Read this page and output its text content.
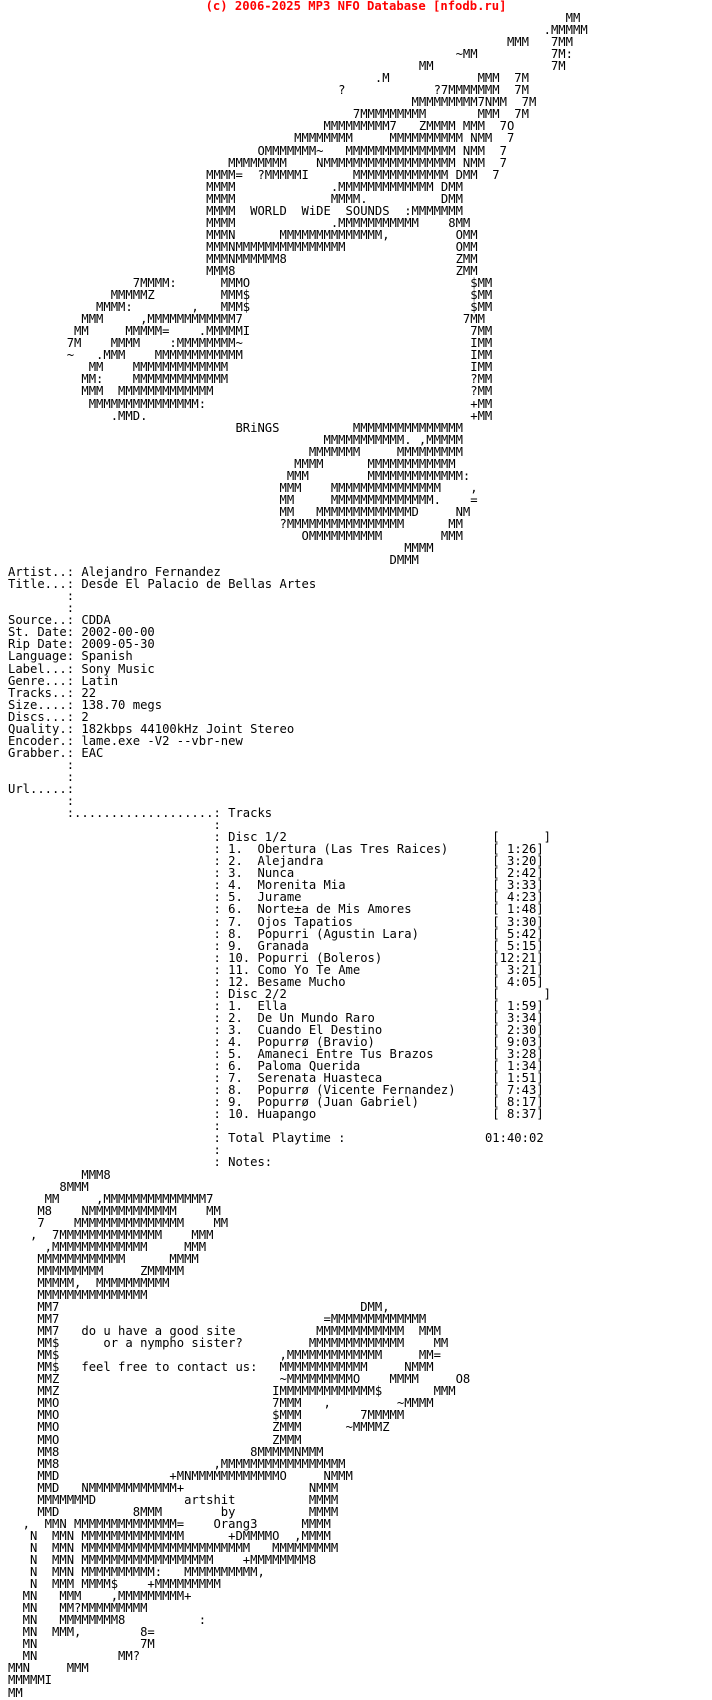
(c) 2006-2025 MP3 NFO Database [nfodb.ru]
MM
.MMMMM
MMM   7MM
~MM          7M:
MM                7M
.M            MMM  7M
?            ?7MMMMMMM  7M
MMMMMMMMM7NMM  7M
7MMMMMMMMM       MMM  7M
MMMMMMMMM7   ZMMMM MMM  7O
MMMMMMMM     MMMMMMMMMM NMM  7
OMMMMMMM~   MMMMMMMMMMMMMMM NMM  7
MMMMMMMM    NMMMMMMMMMMMMMMMMMM NMM  7
MMMM=  ?MMMMMI      MMMMMMMMMMMMM DMM  7
MMMM             .MMMMMMMMMMMMM DMM
MMMM             MMMM.          DMM
MMMM  WORLD  WiDE  SOUNDS  :MMMMMMM
MMMM             .MMMMMMMMMMM    8MM
MMMN      MMMMMMMMMMMMMM,         OMM
MMMNMMMMMMMMMMMMMMM               OMM
MMMNMMMMMM8                       ZMM
MMM8                              ZMM
7MMMM:      MMMO                              $MM
MMMMMZ         MMM$                              $MM
MMMM:        ,   MMM$                              $MM
MMM     ,MMMMMMMMMMMM7                              7MM
MM     MMMMM=    .MMMMMI                              7MM
7M    MMMM    :MMMMMMMM~                               IMM
~   .MMM    MMMMMMMMMMMM                               IMM
MM    MMMMMMMMMMMMM                                 IMM
MM:    MMMMMMMMMMMMM                                 ?MM
MMM  MMMMMMMMMMMMM                                   ?MM
MMMMMMMMMMMMMMM:                                    +MM
.MMD.                                            +MM
BRiNGS          MMMMMMMMMMMMMMM
MMMMMMMMMMM. ,MMMMM
MMMMMMM     MMMMMMMMM
MMMM      MMMMMMMMMMMM
MMM        MMMMMMMMMMMMM:
MMM    MMMMMMMMMMMMMMM    ,
MM     MMMMMMMMMMMMMM.    =
MM   MMMMMMMMMMMMMD     NM
?MMMMMMMMMMMMMMMM      MM
OMMMMMMMMMM        MMM
MMMM
DMMM
Artist..: Alejandro Fernandez
Title...: Desde El Palacio de Bellas Artes
:
:
Source..: CDDA
St. Date: 2002-00-00
Rip Date: 2009-05-30
Language: Spanish
Label...: Sony Music
Genre...: Latin
Tracks..: 22
Size....: 138.70 megs
Discs...: 2
Quality.: 182kbps 44100kHz Joint Stereo
Encoder.: lame.exe -V2 --vbr-new
Grabber.: EAC
:
:
Url.....:
:
:...................: Tracks
:
: Disc 1/2                            [      ]
: 1.  Obertura (Las Tres Raices)      [ 1:26]
: 2.  Alejandra                       [ 3:20]
: 3.  Nunca                           [ 2:42]
: 4.  Morenita Mia                    [ 3:33]
: 5.  Jurame                          [ 4:23]
: 6.  Norte±a de Mis Amores           [ 1:48]
: 7.  Ojos Tapatios                   [ 3:30]
: 8.  Popurri (Agustin Lara)          [ 5:42]
: 9.  Granada                         [ 5:15]
: 10. Popurri (Boleros)               [12:21]
: 11. Como Yo Te Ame                  [ 3:21]
: 12. Besame Mucho                    [ 4:05]
: Disc 2/2                            [      ]
: 1.  Ella                            [ 1:59]
: 2.  De Un Mundo Raro                [ 3:34]
: 3.  Cuando El Destino               [ 2:30]
: 4.  Popurrø (Bravio)                [ 9:03]
: 5.  Amaneci Entre Tus Brazos        [ 3:28]
: 6.  Paloma Querida                  [ 1:34]
: 7.  Serenata Huasteca               [ 1:51]
: 8.  Popurrø (Vicente Fernandez)     [ 7:43]
: 9.  Popurrø (Juan Gabriel)          [ 8:17]
: 10. Huapango                        [ 8:37]
:
: Total Playtime :	01:40:02
:
: Notes:
MMM8
8MMM
MM     ,MMMMMMMMMMMMMM7
M8    NMMMMMMMMMMMM    MM
7    MMMMMMMMMMMMMMM    MM
,  7MMMMMMMMMMMMMM    MMM
,MMMMMMMMMMMMM     MMM
MMMMMMMMMMMM      MMMM
MMMMMMMMM     ZMMMMM
MMMMM,  MMMMMMMMMM
MMMMMMMMMMMMMMM
MM7                                         DMM,
MM7                                    =MMMMMMMMMMMMM
MM7   do u have a good site           MMMMMMMMMMMM  MMM
MM$      or a nympho sister?         MMMMMMMMMMMMM    MM
MM$                              ,MMMMMMMMMMMMM     MM=
MM$   feel free to contact us:   MMMMMMMMMMMM     NMMM
MMZ                              ~MMMMMMMMMO    MMMM     O8
MMZ                             IMMMMMMMMMMMMM$       MMM
MMO                             7MMM   ,         ~MMMM
MMO                             $MMM        7MMMMM
MMO                             ZMMM      ~MMMMZ
MMO                             ZMMM
MM8                          8MMMMMNMMM
MM8                     ,MMMMMMMMMMMMMMMMM
MMD               +MNMMMMMMMMMMMMO     NMMM
MMD   NMMMMMMMMMMMM+                 NMMM
MMMMMMMD            artshit          MMMM
MMD          8MMM        by          MMMM
,  MMN MMMMMMMMMMMMMM=    Orang3      MMMM
N  MMN MMMMMMMMMMMMMM      +DMMMMO  ,MMMM
N  MMN MMMMMMMMMMMMMMMMMMMMMMM   MMMMMMMMM
N  MMN MMMMMMMMMMMMMMMMMM    +MMMMMMMM8
N  MMN MMMMMMMMMM:   MMMMMMMMMM,
N  MMM MMMM$    +MMMMMMMMM
MN   MMM    ,MMMMMMMMM+
MN   MM?MMMMMMMMM
MN   MMMMMMMM8          :
MN  MMM,        8=
MN              7M
MN           MM?
MMN     MMM
MMMMMI
MM
